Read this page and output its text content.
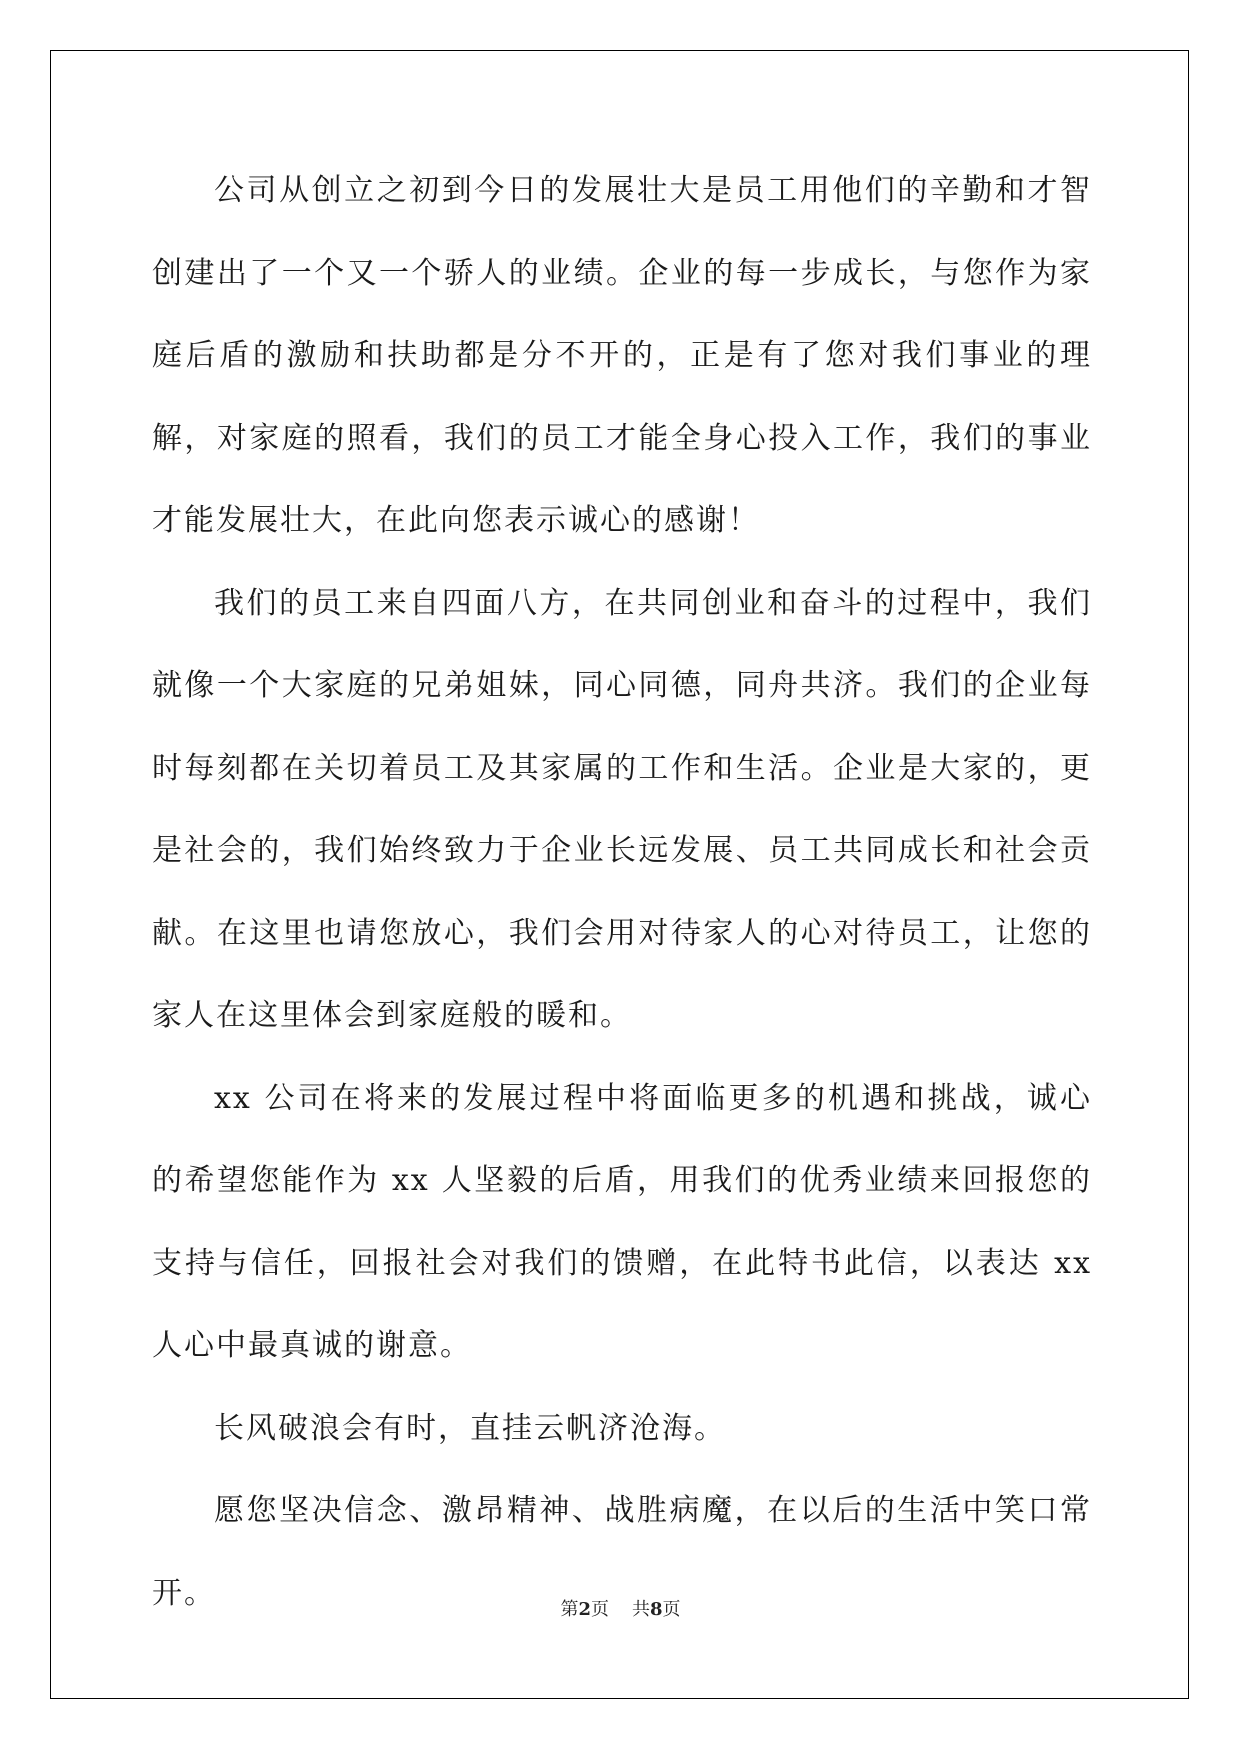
公司从创立之初到今日的发展壮大是员工用他们的辛勤和才智创建出了一个又一个骄人的业绩。企业的每一步成长，与您作为家庭后盾的激励和扶助都是分不开的，正是有了您对我们事业的理解，对家庭的照看，我们的员工才能全身心投入工作，我们的事业才能发展壮大，在此向您表示诚心的感谢！

我们的员工来自四面八方，在共同创业和奋斗的过程中，我们就像一个大家庭的兄弟姐妹，同心同德，同舟共济。我们的企业每时每刻都在关切着员工及其家属的工作和生活。企业是大家的，更是社会的，我们始终致力于企业长远发展、员工共同成长和社会贡献。在这里也请您放心，我们会用对待家人的心对待员工，让您的家人在这里体会到家庭般的暖和。

xx 公司在将来的发展过程中将面临更多的机遇和挑战，诚心的希望您能作为 xx 人坚毅的后盾，用我们的优秀业绩来回报您的支持与信任，回报社会对我们的馈赠，在此特书此信，以表达 xx 人心中最真诚的谢意。

长风破浪会有时，直挂云帆济沧海。

愿您坚决信念、激昂精神、战胜病魔，在以后的生活中笑口常开。	第2页 共8页
